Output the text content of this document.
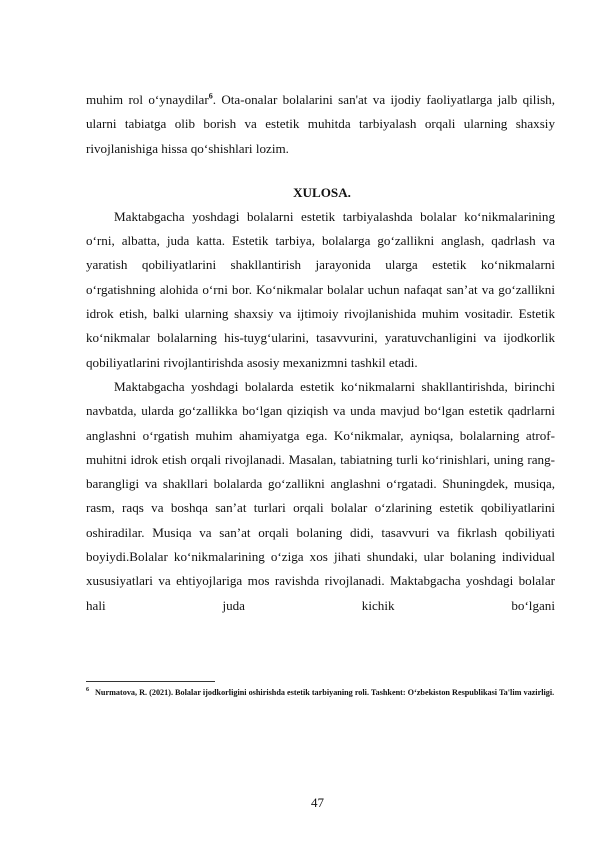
muhim rol o‘ynaydilar$^6$. Ota-onalar bolalarini san'at va ijodiy faoliyatlarga jalb qilish, ularni tabiatga olib borish va estetik muhitda tarbiyalash orqali ularning shaxsiy rivojlanishiga hissa qo‘shishlari lozim.

XULOSA.

Maktabgacha yoshdagi bolalarni estetik tarbiyalashda bolalar ko‘nikmalarining o‘rni, albatta, juda katta. Estetik tarbiya, bolalarga go‘zallikni anglash, qadrlash va yaratish qobiliyatlarini shakllantirish jarayonida ularga estetik ko‘nikmalarni o‘rgatishning alohida o‘rni bor. Ko‘nikmalar bolalar uchun nafaqat san’at va go‘zallikni idrok etish, balki ularning shaxsiy va ijtimoiy rivojlanishida muhim vositadir. Estetik ko‘nikmalar bolalarning his-tuyg‘ularini, tasavvurini, yaratuvchanligini va ijodkorlik qobiliyatlarini rivojlantirishda asosiy mexanizmni tashkil etadi.

Maktabgacha yoshdagi bolalarda estetik ko‘nikmalarni shakllantirishda, birinchi navbatda, ularda go‘zallikka bo‘lgan qiziqish va unda mavjud bo‘lgan estetik qadrlarni anglashni o‘rgatish muhim ahamiyatga ega. Ko‘nikmalar, ayniqsa, bolalarning atrof-muhitni idrok etish orqali rivojlanadi. Masalan, tabiatning turli ko‘rinishlari, uning rang-barangligi va shakllari bolalarda go‘zallikni anglashni o‘rgatadi. Shuningdek, musiqa, rasm, raqs va boshqa san’at turlari orqali bolalar o‘zlarining estetik qobiliyatlarini oshiradilar. Musiqa va san’at orqali bolaning didi, tasavvuri va fikrlash qobiliyati boyiydi.Bolalar ko‘nikmalarining o‘ziga xos jihati shundaki, ular bolaning individual xususiyatlari va ehtiyojlariga mos ravishda rivojlanadi. Maktabgacha yoshdagi bolalar hali juda kichik bo‘lgani

$^6$ Nurmatova, R. (2021). Bolalar ijodkorligini oshirishda estetik tarbiyaning roli. Tashkent: O‘zbekiston Respublikasi Ta'lim vazirligi.
47
